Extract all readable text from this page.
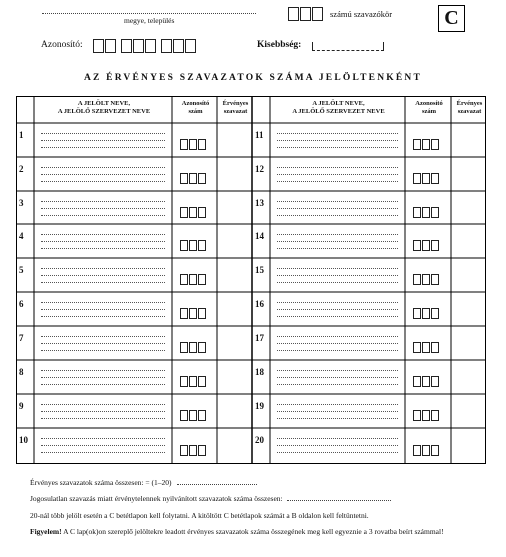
megye, település
számú szavazókör	C
Azonosító:	Kisebbség:
AZ ÉRVÉNYES SZAVAZATOK SZÁMA JELÖLTENKÉNT
A JELÖLT NEVE,
A JELÖLŐ SZERVEZET NEVE
Azonosító
szám
Érvényes
szavazat
A JELÖLT NEVE,
A JELÖLŐ SZERVEZET NEVE
Azonosító
szám
Érvényes
szavazat
1
2
3
4
5
6
7
8
9
10
11
12
13
14
15
16
17
18
19
20
Érvényes szavazatok száma összesen: = (1–20)
Jogosulatlan szavazás miatt érvénytelennek nyilvánított szavazatok száma összesen:
20-nál több jelölt esetén a C betétlapon kell folytatni. A kitöltött C betétlapok számát a B oldalon kell feltüntetni.
Figyelem! A C lap(ok)on szereplő jelöltekre leadott érvényes szavazatok száma összegének meg kell egyeznie a 3 rovatba beírt számmal!
